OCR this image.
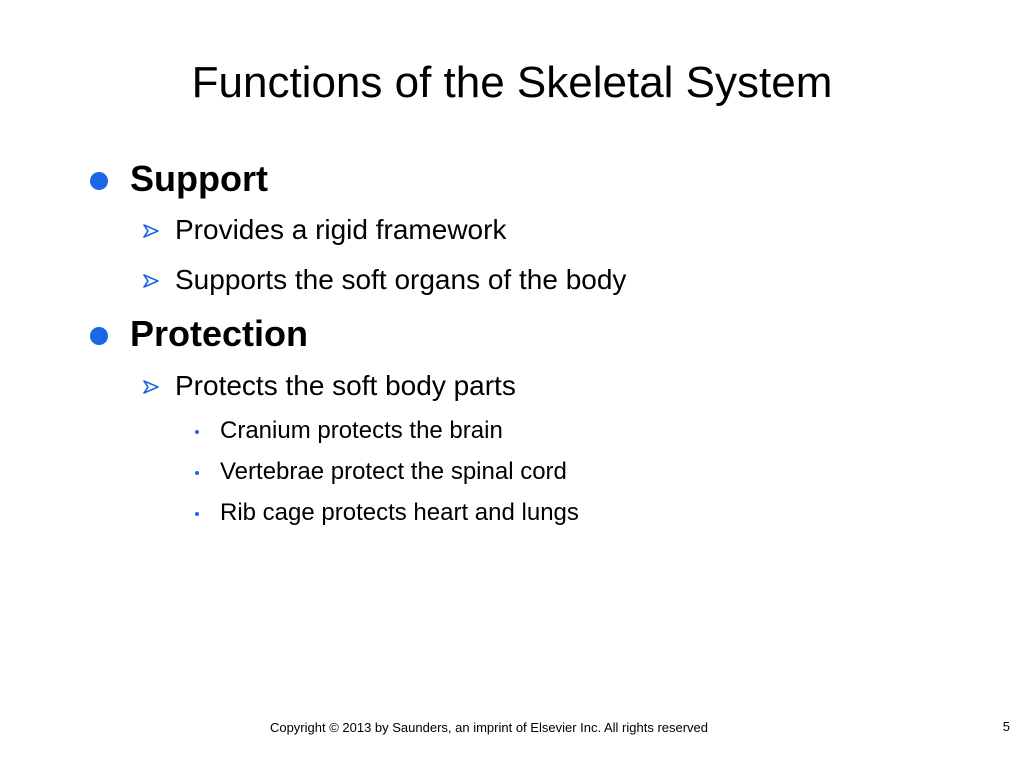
Functions of the Skeletal System
Support
Provides a rigid framework
Supports the soft organs of the body
Protection
Protects the soft body parts
Cranium protects the brain
Vertebrae protect the spinal cord
Rib cage protects heart and lungs
Copyright © 2013 by Saunders, an imprint of Elsevier Inc. All rights reserved	5
